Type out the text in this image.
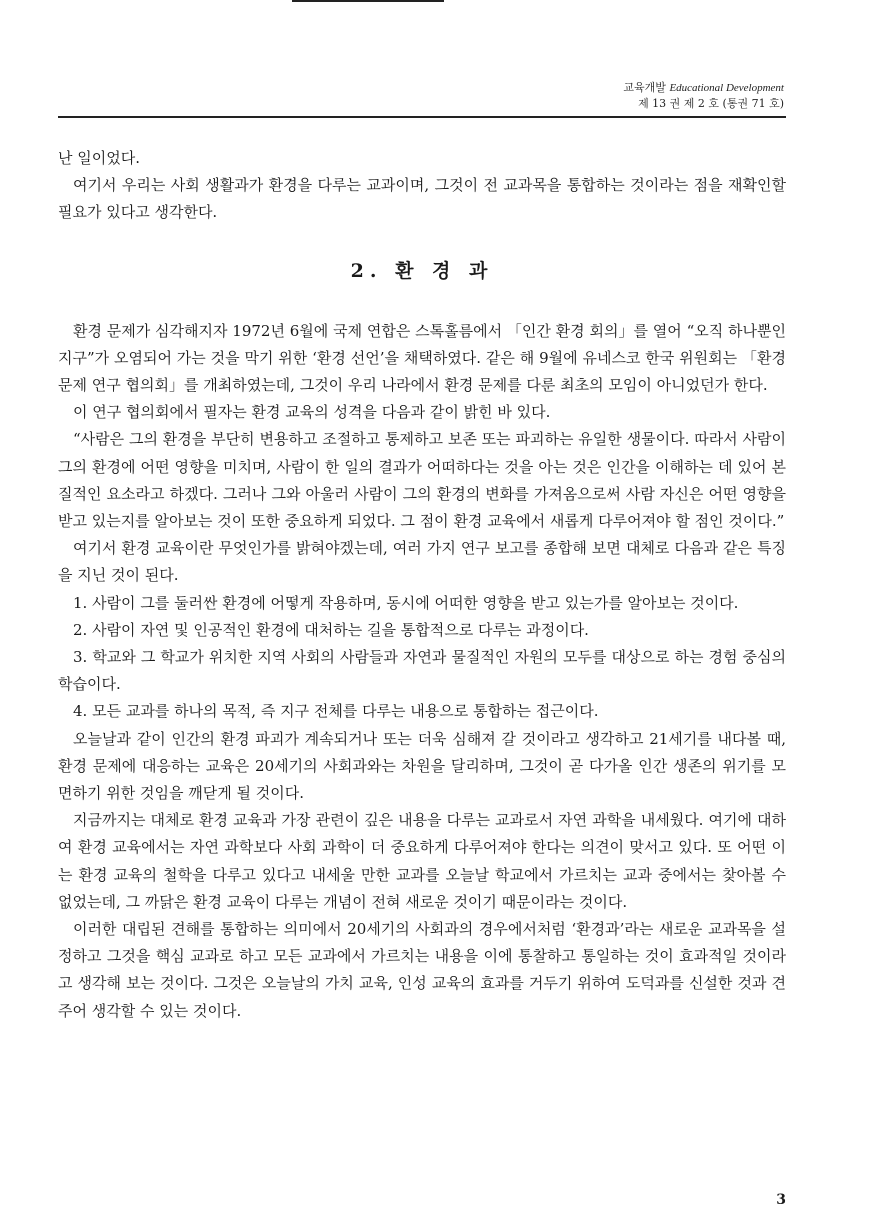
교육개발 Educational Development
제 13 권 제 2 호 (통권 71 호)

난 일이었다.

여기서 우리는 사회 생활과가 환경을 다루는 교과이며, 그것이 전 교과목을 통합하는 것이라는 점을 재확인할 필요가 있다고 생각한다.

2. 환 경 과

환경 문제가 심각해지자 1972년 6월에 국제 연합은 스톡홀름에서 「인간 환경 회의」를 열어 “오직 하나뿐인 지구”가 오염되어 가는 것을 막기 위한 ‘환경 선언’을 채택하였다. 같은 해 9월에 유네스코 한국 위원회는 「환경 문제 연구 협의회」를 개최하였는데, 그것이 우리 나라에서 환경 문제를 다룬 최초의 모임이 아니었던가 한다.

이 연구 협의회에서 필자는 환경 교육의 성격을 다음과 같이 밝힌 바 있다.

“사람은 그의 환경을 부단히 변용하고 조절하고 통제하고 보존 또는 파괴하는 유일한 생물이다. 따라서 사람이 그의 환경에 어떤 영향을 미치며, 사람이 한 일의 결과가 어떠하다는 것을 아는 것은 인간을 이해하는 데 있어 본질적인 요소라고 하겠다. 그러나 그와 아울러 사람이 그의 환경의 변화를 가져옴으로써 사람 자신은 어떤 영향을 받고 있는지를 알아보는 것이 또한 중요하게 되었다. 그 점이 환경 교육에서 새롭게 다루어져야 할 점인 것이다.”

여기서 환경 교육이란 무엇인가를 밝혀야겠는데, 여러 가지 연구 보고를 종합해 보면 대체로 다음과 같은 특징을 지닌 것이 된다.

1. 사람이 그를 둘러싼 환경에 어떻게 작용하며, 동시에 어떠한 영향을 받고 있는가를 알아보는 것이다.

2. 사람이 자연 및 인공적인 환경에 대처하는 길을 통합적으로 다루는 과정이다.

3. 학교와 그 학교가 위치한 지역 사회의 사람들과 자연과 물질적인 자원의 모두를 대상으로 하는 경험 중심의 학습이다.

4. 모든 교과를 하나의 목적, 즉 지구 전체를 다루는 내용으로 통합하는 접근이다.

오늘날과 같이 인간의 환경 파괴가 계속되거나 또는 더욱 심해져 갈 것이라고 생각하고 21세기를 내다볼 때, 환경 문제에 대응하는 교육은 20세기의 사회과와는 차원을 달리하며, 그것이 곧 다가올 인간 생존의 위기를 모면하기 위한 것임을 깨닫게 될 것이다.

지금까지는 대체로 환경 교육과 가장 관련이 깊은 내용을 다루는 교과로서 자연 과학을 내세웠다. 여기에 대하여 환경 교육에서는 자연 과학보다 사회 과학이 더 중요하게 다루어져야 한다는 의견이 맞서고 있다. 또 어떤 이는 환경 교육의 철학을 다루고 있다고 내세울 만한 교과를 오늘날 학교에서 가르치는 교과 중에서는 찾아볼 수 없었는데, 그 까닭은 환경 교육이 다루는 개념이 전혀 새로운 것이기 때문이라는 것이다.

이러한 대립된 견해를 통합하는 의미에서 20세기의 사회과의 경우에서처럼 ‘환경과’라는 새로운 교과목을 설정하고 그것을 핵심 교과로 하고 모든 교과에서 가르치는 내용을 이에 통찰하고 통일하는 것이 효과적일 것이라고 생각해 보는 것이다. 그것은 오늘날의 가치 교육, 인성 교육의 효과를 거두기 위하여 도덕과를 신설한 것과 견주어 생각할 수 있는 것이다.

3
